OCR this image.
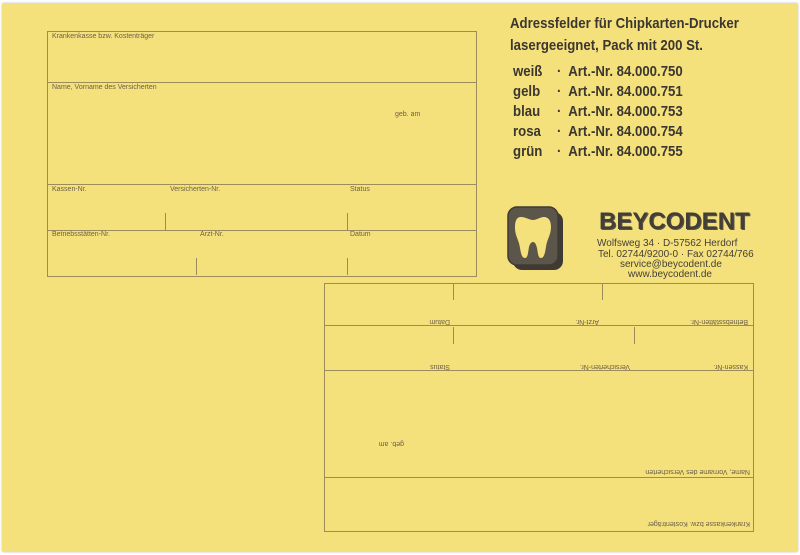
Krankenkasse bzw. Kostenträger
Name, Vorname des Versicherten
geb. am
Kassen-Nr.	Versicherten-Nr.	Status
Betriebsstätten-Nr.	Arzt-Nr.	Datum
Adressfelder für Chipkarten-Drucker
lasergeeignet, Pack mit 200 St.
weiß · Art.-Nr. 84.000.750
gelb · Art.-Nr. 84.000.751
blau · Art.-Nr. 84.000.753
rosa · Art.-Nr. 84.000.754
grün · Art.-Nr. 84.000.755
BEYCODENT
Wolfsweg 34 · D-57562 Herdorf
Tel. 02744/9200-0 · Fax 02744/766
service@beycodent.de
www.beycodent.de
Betriebsstätten-Nr.
Arzt-Nr.
Datum
Kassen-Nr.
Versicherten-Nr.
Status
geb. am
Name, Vorname des Versicherten
Krankenkasse bzw. Kostenträger
